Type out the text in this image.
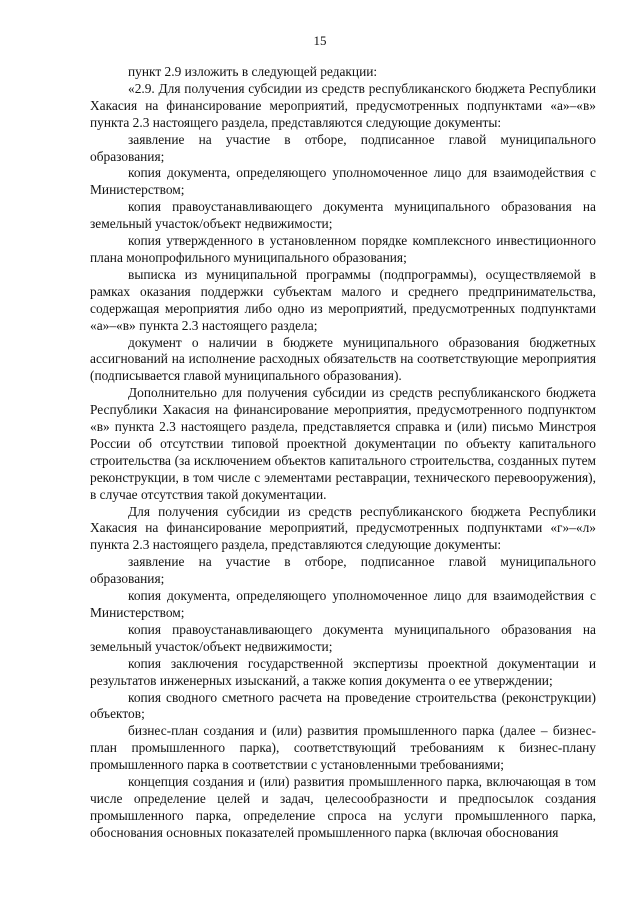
15

пункт 2.9 изложить в следующей редакции:

«2.9. Для получения субсидии из средств республиканского бюджета Республики Хакасия на финансирование мероприятий, предусмотренных подпунктами «а»–«в» пункта 2.3 настоящего раздела, представляются следующие документы:

заявление на участие в отборе, подписанное главой муниципального образования;

копия документа, определяющего уполномоченное лицо для взаимодействия с Министерством;

копия правоустанавливающего документа муниципального образования на земельный участок/объект недвижимости;

копия утвержденного в установленном порядке комплексного инвестиционного плана монопрофильного муниципального образования;

выписка из муниципальной программы (подпрограммы), осуществляемой в рамках оказания поддержки субъектам малого и среднего предпринимательства, содержащая мероприятия либо одно из мероприятий, предусмотренных подпунктами «а»–«в» пункта 2.3 настоящего раздела;

документ о наличии в бюджете муниципального образования бюджетных ассигнований на исполнение расходных обязательств на соответствующие мероприятия (подписывается главой муниципального образования).

Дополнительно для получения субсидии из средств республиканского бюджета Республики Хакасия на финансирование мероприятия, предусмотренного подпунктом «в» пункта 2.3 настоящего раздела, представляется справка и (или) письмо Минстроя России об отсутствии типовой проектной документации по объекту капитального строительства (за исключением объектов капитального строительства, созданных путем реконструкции, в том числе с элементами реставрации, технического перевооружения), в случае отсутствия такой документации.

Для получения субсидии из средств республиканского бюджета Республики Хакасия на финансирование мероприятий, предусмотренных подпунктами «г»–«л» пункта 2.3 настоящего раздела, представляются следующие документы:

заявление на участие в отборе, подписанное главой муниципального образования;

копия документа, определяющего уполномоченное лицо для взаимодействия с Министерством;

копия правоустанавливающего документа муниципального образования на земельный участок/объект недвижимости;

копия заключения государственной экспертизы проектной документации и результатов инженерных изысканий, а также копия документа о ее утверждении;

копия сводного сметного расчета на проведение строительства (реконструкции) объектов;

бизнес-план создания и (или) развития промышленного парка (далее – бизнес-план промышленного парка), соответствующий требованиям к бизнес-плану промышленного парка в соответствии с установленными требованиями;

концепция создания и (или) развития промышленного парка, включающая в том числе определение целей и задач, целесообразности и предпосылок создания промышленного парка, определение спроса на услуги промышленного парка, обоснования основных показателей промышленного парка (включая обоснования
